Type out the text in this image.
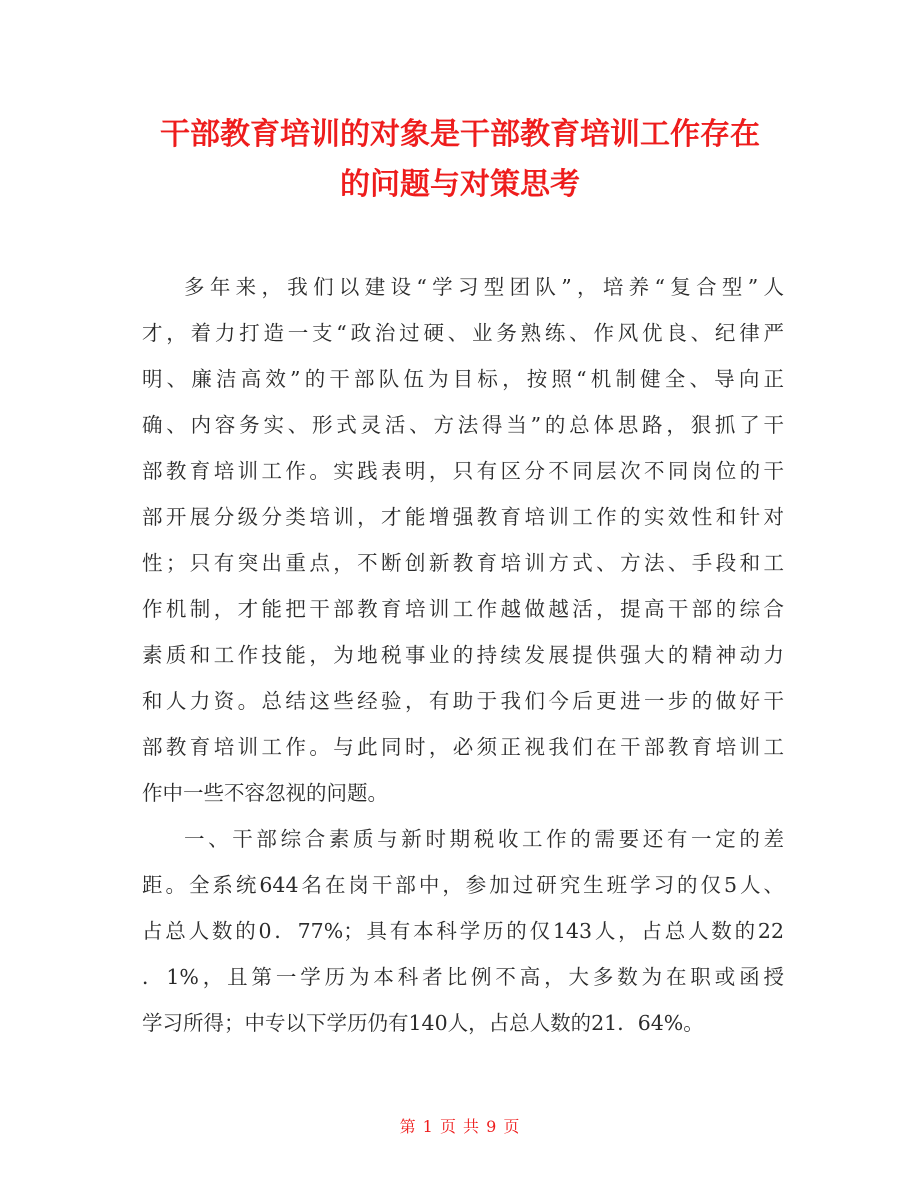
干部教育培训的对象是干部教育培训工作存在
的问题与对策思考
多年来，我们以建设“学习型团队”，培养“复合型”人
才，着力打造一支“政治过硬、业务熟练、作风优良、纪律严
明、廉洁高效”的干部队伍为目标，按照“机制健全、导向正
确、内容务实、形式灵活、方法得当”的总体思路，狠抓了干
部教育培训工作。实践表明，只有区分不同层次不同岗位的干
部开展分级分类培训，才能增强教育培训工作的实效性和针对
性；只有突出重点，不断创新教育培训方式、方法、手段和工
作机制，才能把干部教育培训工作越做越活，提高干部的综合
素质和工作技能，为地税事业的持续发展提供强大的精神动力
和人力资。总结这些经验，有助于我们今后更进一步的做好干
部教育培训工作。与此同时，必须正视我们在干部教育培训工
作中一些不容忽视的问题。
一、干部综合素质与新时期税收工作的需要还有一定的差
距。全系统644名在岗干部中，参加过研究生班学习的仅5人、
占总人数的0．77%；具有本科学历的仅143人，占总人数的22
．1%，且第一学历为本科者比例不高，大多数为在职或函授
学习所得；中专以下学历仍有140人，占总人数的21．64%。
第 1 页 共 9 页
